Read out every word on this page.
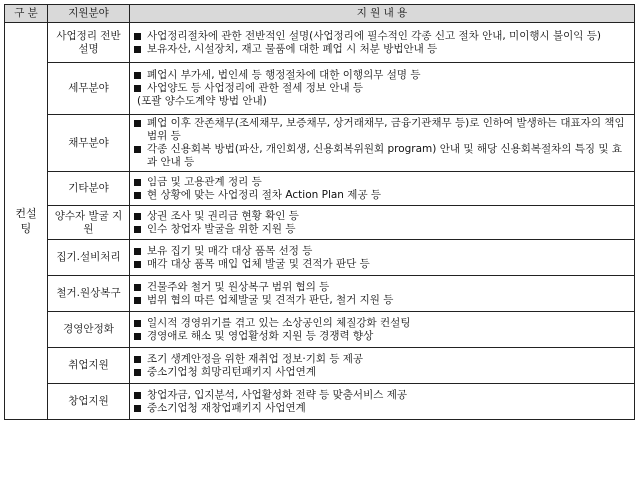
구 분	지원분야	지 원 내 용
컨설팅	사업정리 전반설명	사업정리절차에 관한 전반적인 설명(사업정리에 필수적인 각종 신고 절차 안내, 미이행시 불이익 등)
보유자산, 시설장치, 재고 물품에 대한 폐업 시 처분 방법안내 등

	세무분야	폐업시 부가세, 법인세 등 행정절차에 대한 이행의무 설명 등
사업양도 등 사업정리에 관한 절세 정보 안내 등
(포괄 양수도계약 방법 안내)

	채무분야	폐업 이후 잔존채무(조세채무, 보증채무, 상거래채무, 금융기관채무 등)로 인하여 발생하는 대표자의 책임범위 등
각종 신용회복 방법(파산, 개인회생, 신용회복위원회 program) 안내 및 해당 신용회복절차의 특징 및 효과 안내 등

	기타분야	임금 및 고용관계 정리 등
현 상황에 맞는 사업정리 절차 Action Plan 제공 등

	양수자 발굴 지원	상권 조사 및 권리금 현황 확인 등
인수 창업자 발굴을 위한 지원 등

	집기.설비처리	보유 집기 및 매각 대상 품목 선정 등
매각 대상 품목 매입 업체 발굴 및 견적가 판단 등

	철거.원상복구	건물주와 철거 및 원상복구 범위 협의 등
범위 협의 따른 업체발굴 및 견적가 판단, 철거 지원 등

	경영안정화	일시적 경영위기를 겪고 있는 소상공인의 체질강화 컨설팅
경영애로 해소 및 영업활성화 지원 등 경쟁력 향상

	취업지원	조기 생계안정을 위한 재취업 정보·기회 등 제공
중소기업청 희망리턴패키지 사업연계

	창업지원	창업자금, 입지분석, 사업활성화 전략 등 맞춤서비스 제공
중소기업청 재창업패키지 사업연계
